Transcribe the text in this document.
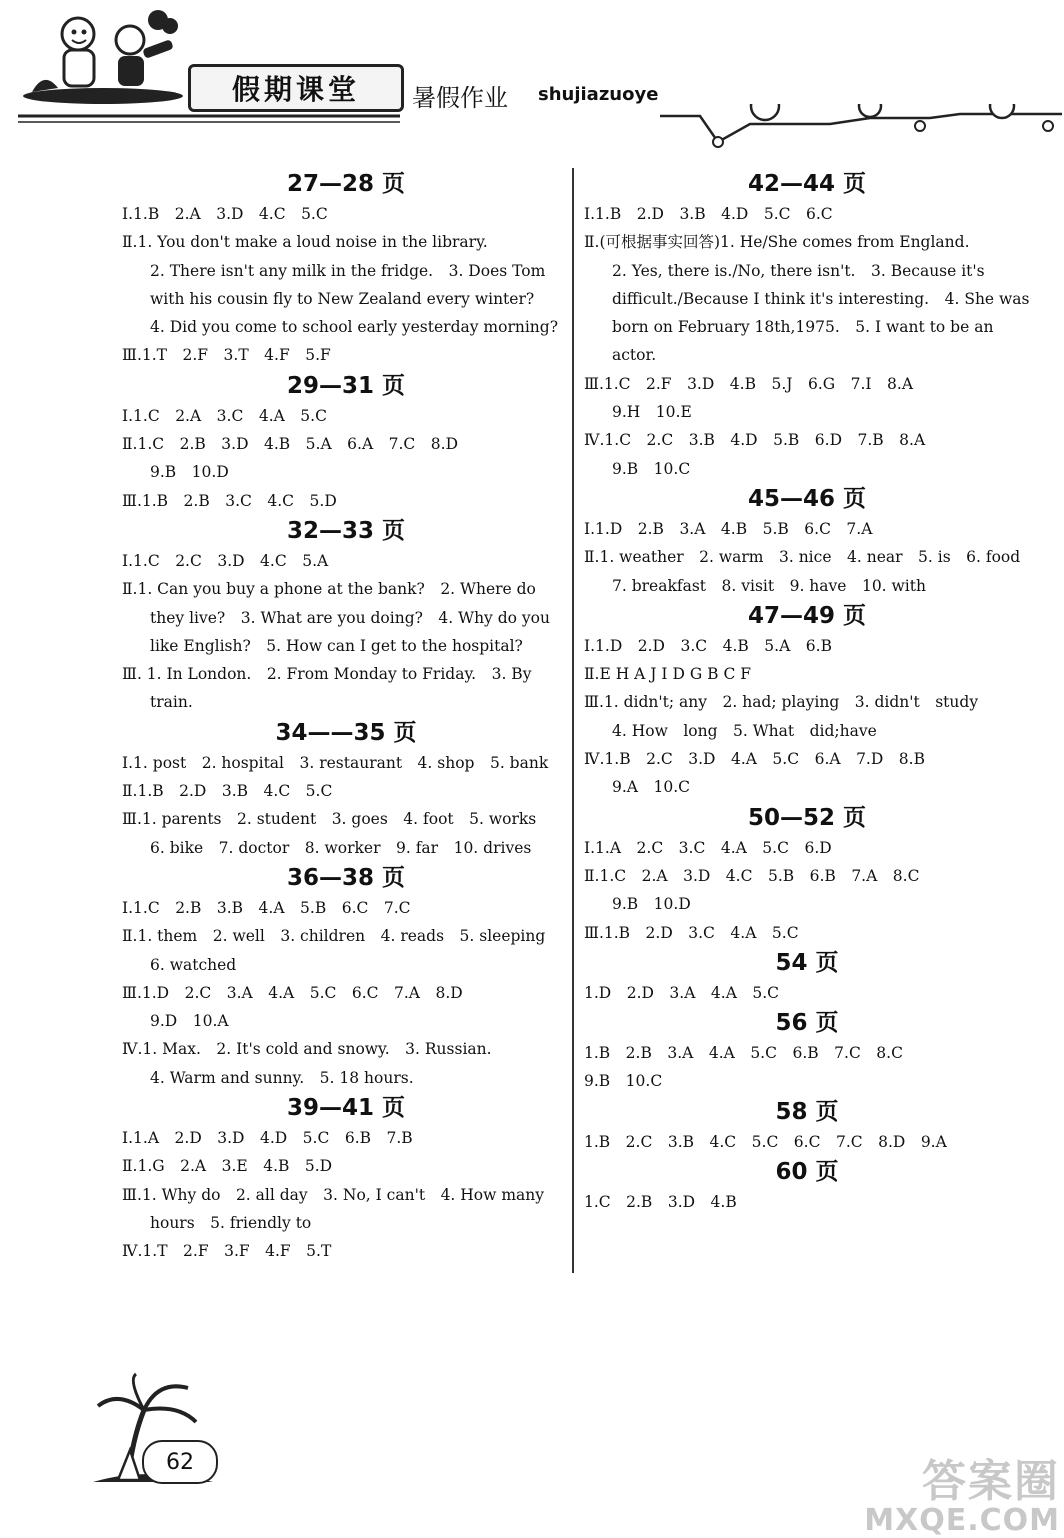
假期课堂	暑假作业 shujiazuoye
27—28 页
Ⅰ.1.B　2.A　3.D　4.C　5.C
Ⅱ.1. You don't make a loud noise in the library.
2. There isn't any milk in the fridge.　3. Does Tom with his cousin fly to New Zealand every winter?
4. Did you come to school early yesterday morning?
Ⅲ.1.T　2.F　3.T　4.F　5.F
29—31 页
Ⅰ.1.C　2.A　3.C　4.A　5.C
Ⅱ.1.C　2.B　3.D　4.B　5.A　6.A　7.C　8.D
9.B　10.D
Ⅲ.1.B　2.B　3.C　4.C　5.D
32—33 页
Ⅰ.1.C　2.C　3.D　4.C　5.A
Ⅱ.1. Can you buy a phone at the bank?　2. Where do they live?　3. What are you doing?　4. Why do you like English?　5. How can I get to the hospital?
Ⅲ. 1. In London.　2. From Monday to Friday.　3. By train.
34——35 页
Ⅰ.1. post　2. hospital　3. restaurant　4. shop　5. bank
Ⅱ.1.B　2.D　3.B　4.C　5.C
Ⅲ.1. parents　2. student　3. goes　4. foot　5. works
6. bike　7. doctor　8. worker　9. far　10. drives
36—38 页
Ⅰ.1.C　2.B　3.B　4.A　5.B　6.C　7.C
Ⅱ.1. them　2. well　3. children　4. reads　5. sleeping
6. watched
Ⅲ.1.D　2.C　3.A　4.A　5.C　6.C　7.A　8.D
9.D　10.A
Ⅳ.1. Max.　2. It's cold and snowy.　3. Russian.
4. Warm and sunny.　5. 18 hours.
39—41 页
Ⅰ.1.A　2.D　3.D　4.D　5.C　6.B　7.B
Ⅱ.1.G　2.A　3.E　4.B　5.D
Ⅲ.1. Why do　2. all day　3. No, I can't　4. How many hours　5. friendly to
Ⅳ.1.T　2.F　3.F　4.F　5.T
42—44 页
Ⅰ.1.B　2.D　3.B　4.D　5.C　6.C
Ⅱ.(可根据事实回答)1. He/She comes from England.
2. Yes, there is./No, there isn't.　3. Because it's difficult./Because I think it's interesting.　4. She was born on February 18th,1975.　5. I want to be an actor.
Ⅲ.1.C　2.F　3.D　4.B　5.J　6.G　7.I　8.A
9.H　10.E
Ⅳ.1.C　2.C　3.B　4.D　5.B　6.D　7.B　8.A
9.B　10.C
45—46 页
Ⅰ.1.D　2.B　3.A　4.B　5.B　6.C　7.A
Ⅱ.1. weather　2. warm　3. nice　4. near　5. is　6. food
7. breakfast　8. visit　9. have　10. with
47—49 页
Ⅰ.1.D　2.D　3.C　4.B　5.A　6.B
Ⅱ.E H A J I D G B C F
Ⅲ.1. didn't; any　2. had; playing　3. didn't　study
4. How　long　5. What　did;have
Ⅳ.1.B　2.C　3.D　4.A　5.C　6.A　7.D　8.B
9.A　10.C
50—52 页
Ⅰ.1.A　2.C　3.C　4.A　5.C　6.D
Ⅱ.1.C　2.A　3.D　4.C　5.B　6.B　7.A　8.C
9.B　10.D
Ⅲ.1.B　2.D　3.C　4.A　5.C
54 页
1.D　2.D　3.A　4.A　5.C
56 页
1.B　2.B　3.A　4.A　5.C　6.B　7.C　8.C
9.B　10.C
58 页
1.B　2.C　3.B　4.C　5.C　6.C　7.C　8.D　9.A
60 页
1.C　2.B　3.D　4.B
62	答案圈
MXQE.COM
